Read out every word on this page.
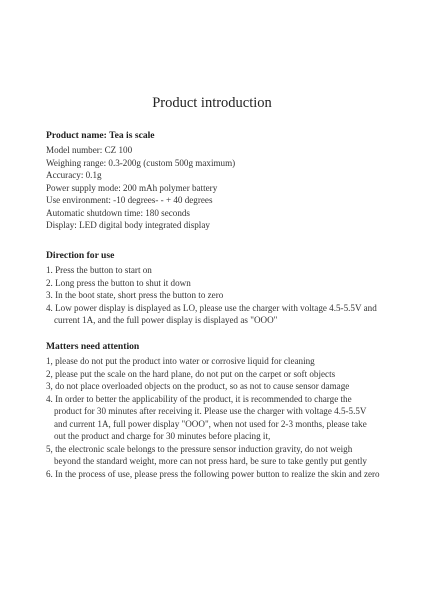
Product introduction
Product name: Tea is scale
Model number: CZ 100
Weighing range: 0.3-200g (custom 500g maximum)
Accuracy: 0.1g
Power supply mode: 200 mAh polymer battery
Use environment: -10 degrees- - + 40 degrees
Automatic shutdown time: 180 seconds
Display: LED digital body integrated display
Direction for use
1. Press the button to start on
2. Long press the button to shut it down
3. In the boot state, short press the button to zero
4. Low power display is displayed as LO, please use the charger with voltage 4.5-5.5V and
current 1A, and the full power display is displayed as "OOO"
Matters need attention
1, please do not put the product into water or corrosive liquid for cleaning
2, please put the scale on the hard plane, do not put on the carpet or soft objects
3, do not place overloaded objects on the product, so as not to cause sensor damage
4. In order to better the applicability of the product, it is recommended to charge the
product for 30 minutes after receiving it. Please use the charger with voltage 4.5-5.5V
and current 1A, full power display "OOO", when not used for 2-3 months, please take
out the product and charge for 30 minutes before placing it,
5, the electronic scale belongs to the pressure sensor induction gravity, do not weigh
beyond the standard weight, more can not press hard, be sure to take gently put gently
6. In the process of use, please press the following power button to realize the skin and zero
